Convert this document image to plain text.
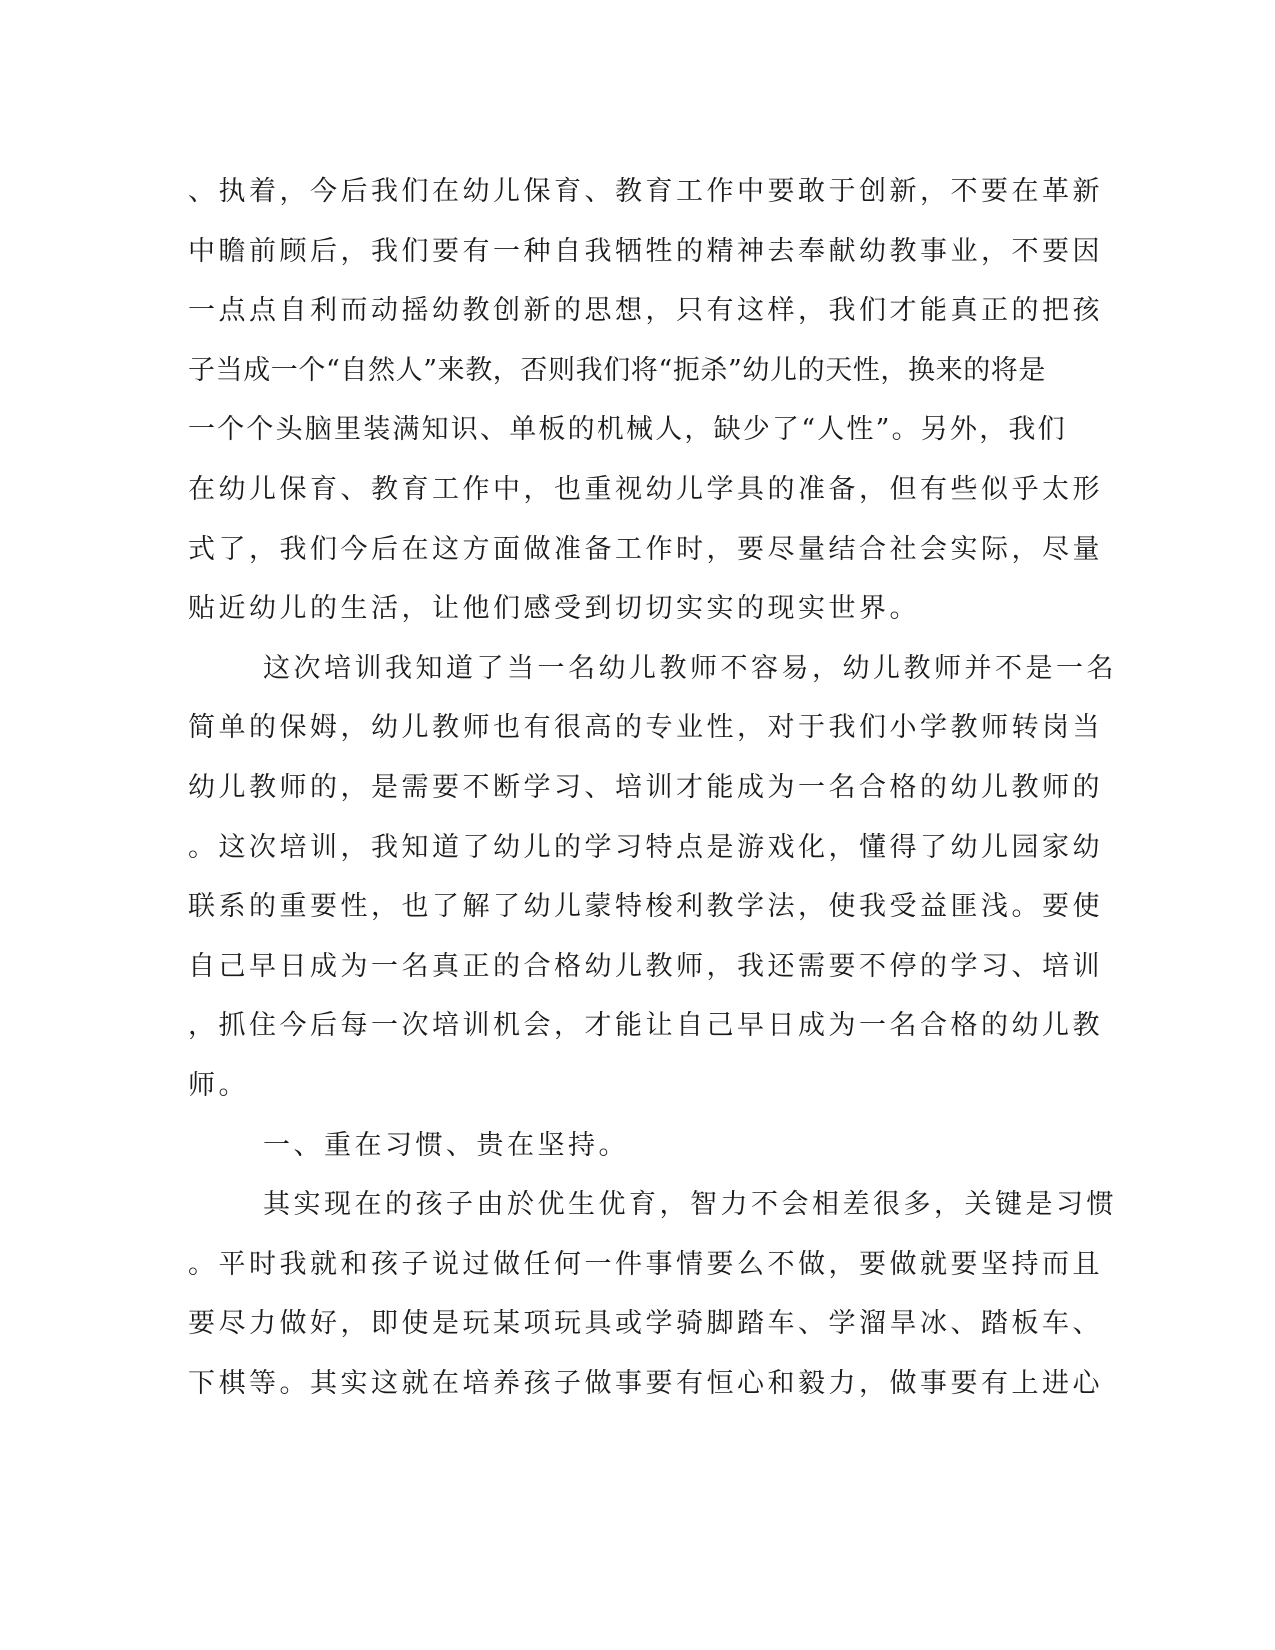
、执着，今后我们在幼儿保育、教育工作中要敢于创新，不要在革新
中瞻前顾后，我们要有一种自我牺牲的精神去奉献幼教事业，不要因
一点点自利而动摇幼教创新的思想，只有这样，我们才能真正的把孩
子当成一个“自然人”来教，否则我们将“扼杀”幼儿的天性，换来的将是
一个个头脑里装满知识、单板的机械人，缺少了“人性”。另外，我们
在幼儿保育、教育工作中，也重视幼儿学具的准备，但有些似乎太形
式了，我们今后在这方面做准备工作时，要尽量结合社会实际，尽量
贴近幼儿的生活，让他们感受到切切实实的现实世界。
这次培训我知道了当一名幼儿教师不容易，幼儿教师并不是一名
简单的保姆，幼儿教师也有很高的专业性，对于我们小学教师转岗当
幼儿教师的，是需要不断学习、培训才能成为一名合格的幼儿教师的
。这次培训，我知道了幼儿的学习特点是游戏化，懂得了幼儿园家幼
联系的重要性，也了解了幼儿蒙特梭利教学法，使我受益匪浅。要使
自己早日成为一名真正的合格幼儿教师，我还需要不停的学习、培训
，抓住今后每一次培训机会，才能让自己早日成为一名合格的幼儿教
师。
一、重在习惯、贵在坚持。
其实现在的孩子由於优生优育，智力不会相差很多，关键是习惯
。平时我就和孩子说过做任何一件事情要么不做，要做就要坚持而且
要尽力做好，即使是玩某项玩具或学骑脚踏车、学溜旱冰、踏板车、
下棋等。其实这就在培养孩子做事要有恒心和毅力，做事要有上进心
